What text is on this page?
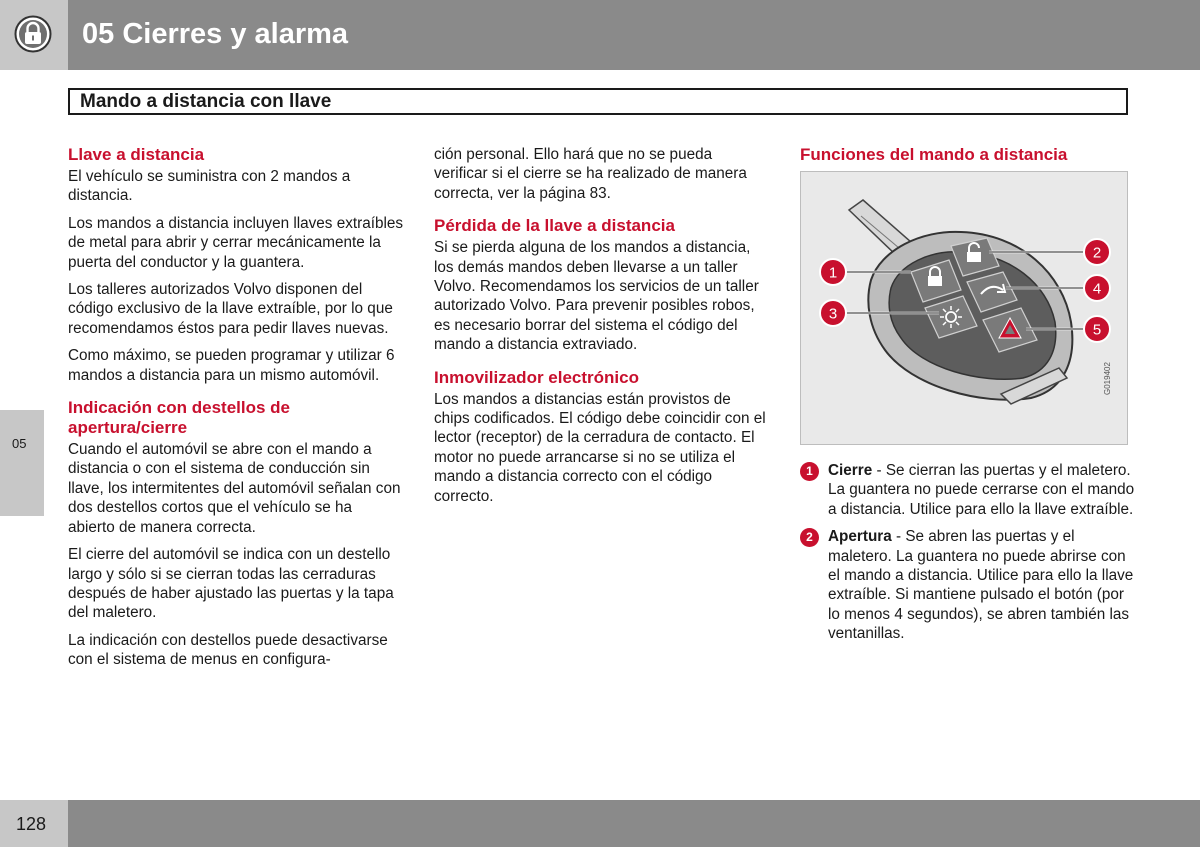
05 Cierres y alarma
Mando a distancia con llave
05
Llave a distancia

El vehículo se suministra con 2 mandos a distancia.

Los mandos a distancia incluyen llaves extraíbles de metal para abrir y cerrar mecánicamente la puerta del conductor y la guantera.

Los talleres autorizados Volvo disponen del código exclusivo de la llave extraíble, por lo que recomendamos éstos para pedir llaves nuevas.

Como máximo, se pueden programar y utilizar 6 mandos a distancia para un mismo automóvil.

Indicación con destellos de apertura/cierre

Cuando el automóvil se abre con el mando a distancia o con el sistema de conducción sin llave, los intermitentes del automóvil señalan con dos destellos cortos que el vehículo se ha abierto de manera correcta.

El cierre del automóvil se indica con un destello largo y sólo si se cierran todas las cerraduras después de haber ajustado las puertas y la tapa del maletero.

La indicación con destellos puede desactivarse con el sistema de menus en configura-

ción personal. Ello hará que no se pueda verificar si el cierre se ha realizado de manera correcta, ver la página 83.

Pérdida de la llave a distancia

Si se pierda alguna de los mandos a distancia, los demás mandos deben llevarse a un taller Volvo. Recomendamos los servicios de un taller autorizado Volvo. Para prevenir posibles robos, es necesario borrar del sistema el código del mando a distancia extraviado.

Inmovilizador electrónico

Los mandos a distancias están provistos de chips codificados. El código debe coincidir con el lector (receptor) de la cerradura de contacto. El motor no puede arrancarse si no se utiliza el mando a distancia correcto con el código correcto.

Funciones del mando a distancia
1 Cierre - Se cierran las puertas y el maletero. La guantera no puede cerrarse con el mando a distancia. Utilice para ello la llave extraíble.
2 Apertura - Se abren las puertas y el maletero. La guantera no puede abrirse con el mando a distancia. Utilice para ello la llave extraíble. Si mantiene pulsado el botón (por lo menos 4 segundos), se abren también las ventanillas.
1
2
3
4
5
G019402
128
